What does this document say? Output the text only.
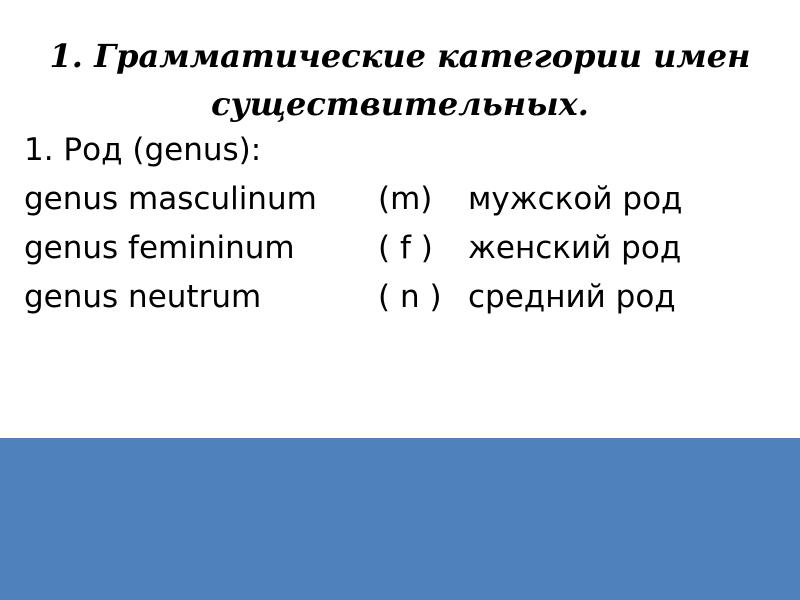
1. Грамматические категории имен
существительных.
1. Род (genus):
genus masculinum (m) мужской род
genus femininum	( f ) женский род
genus neutrum	( n ) средний род
